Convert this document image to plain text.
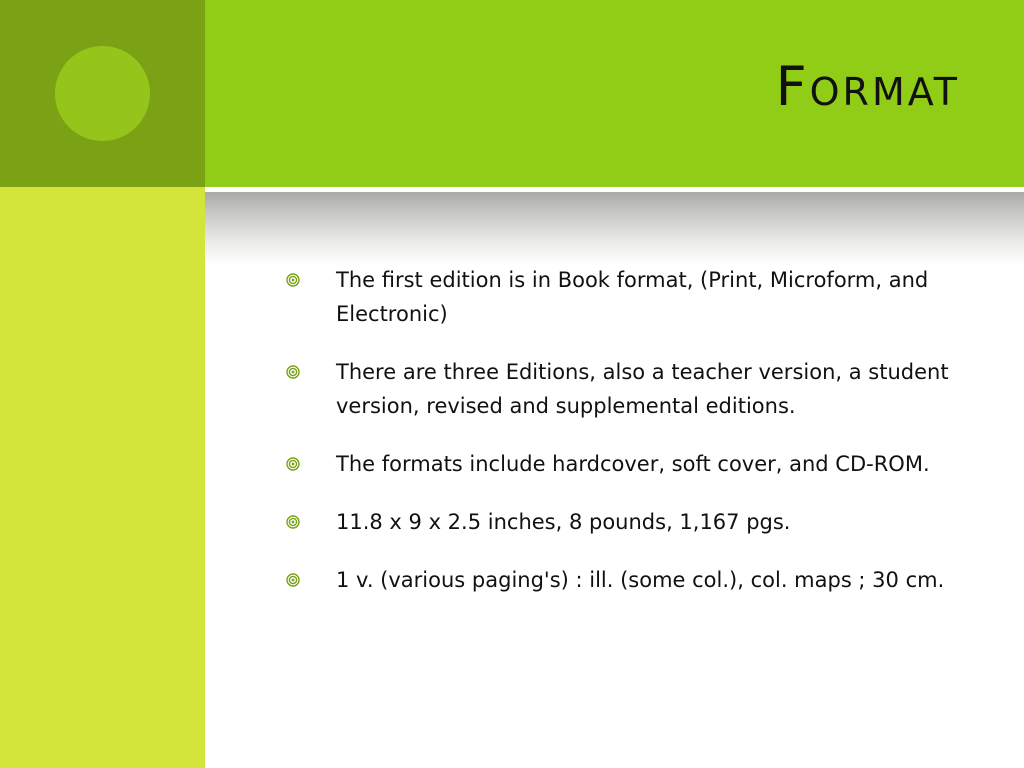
Format
The first edition is in Book format, (Print, Microform, and Electronic)
There are three Editions, also a teacher version, a student version, revised and supplemental editions.
The formats include hardcover, soft cover, and CD-ROM.
11.8 x 9 x 2.5 inches, 8 pounds, 1,167 pgs.
1 v. (various paging's) : ill. (some col.), col. maps ; 30 cm.
